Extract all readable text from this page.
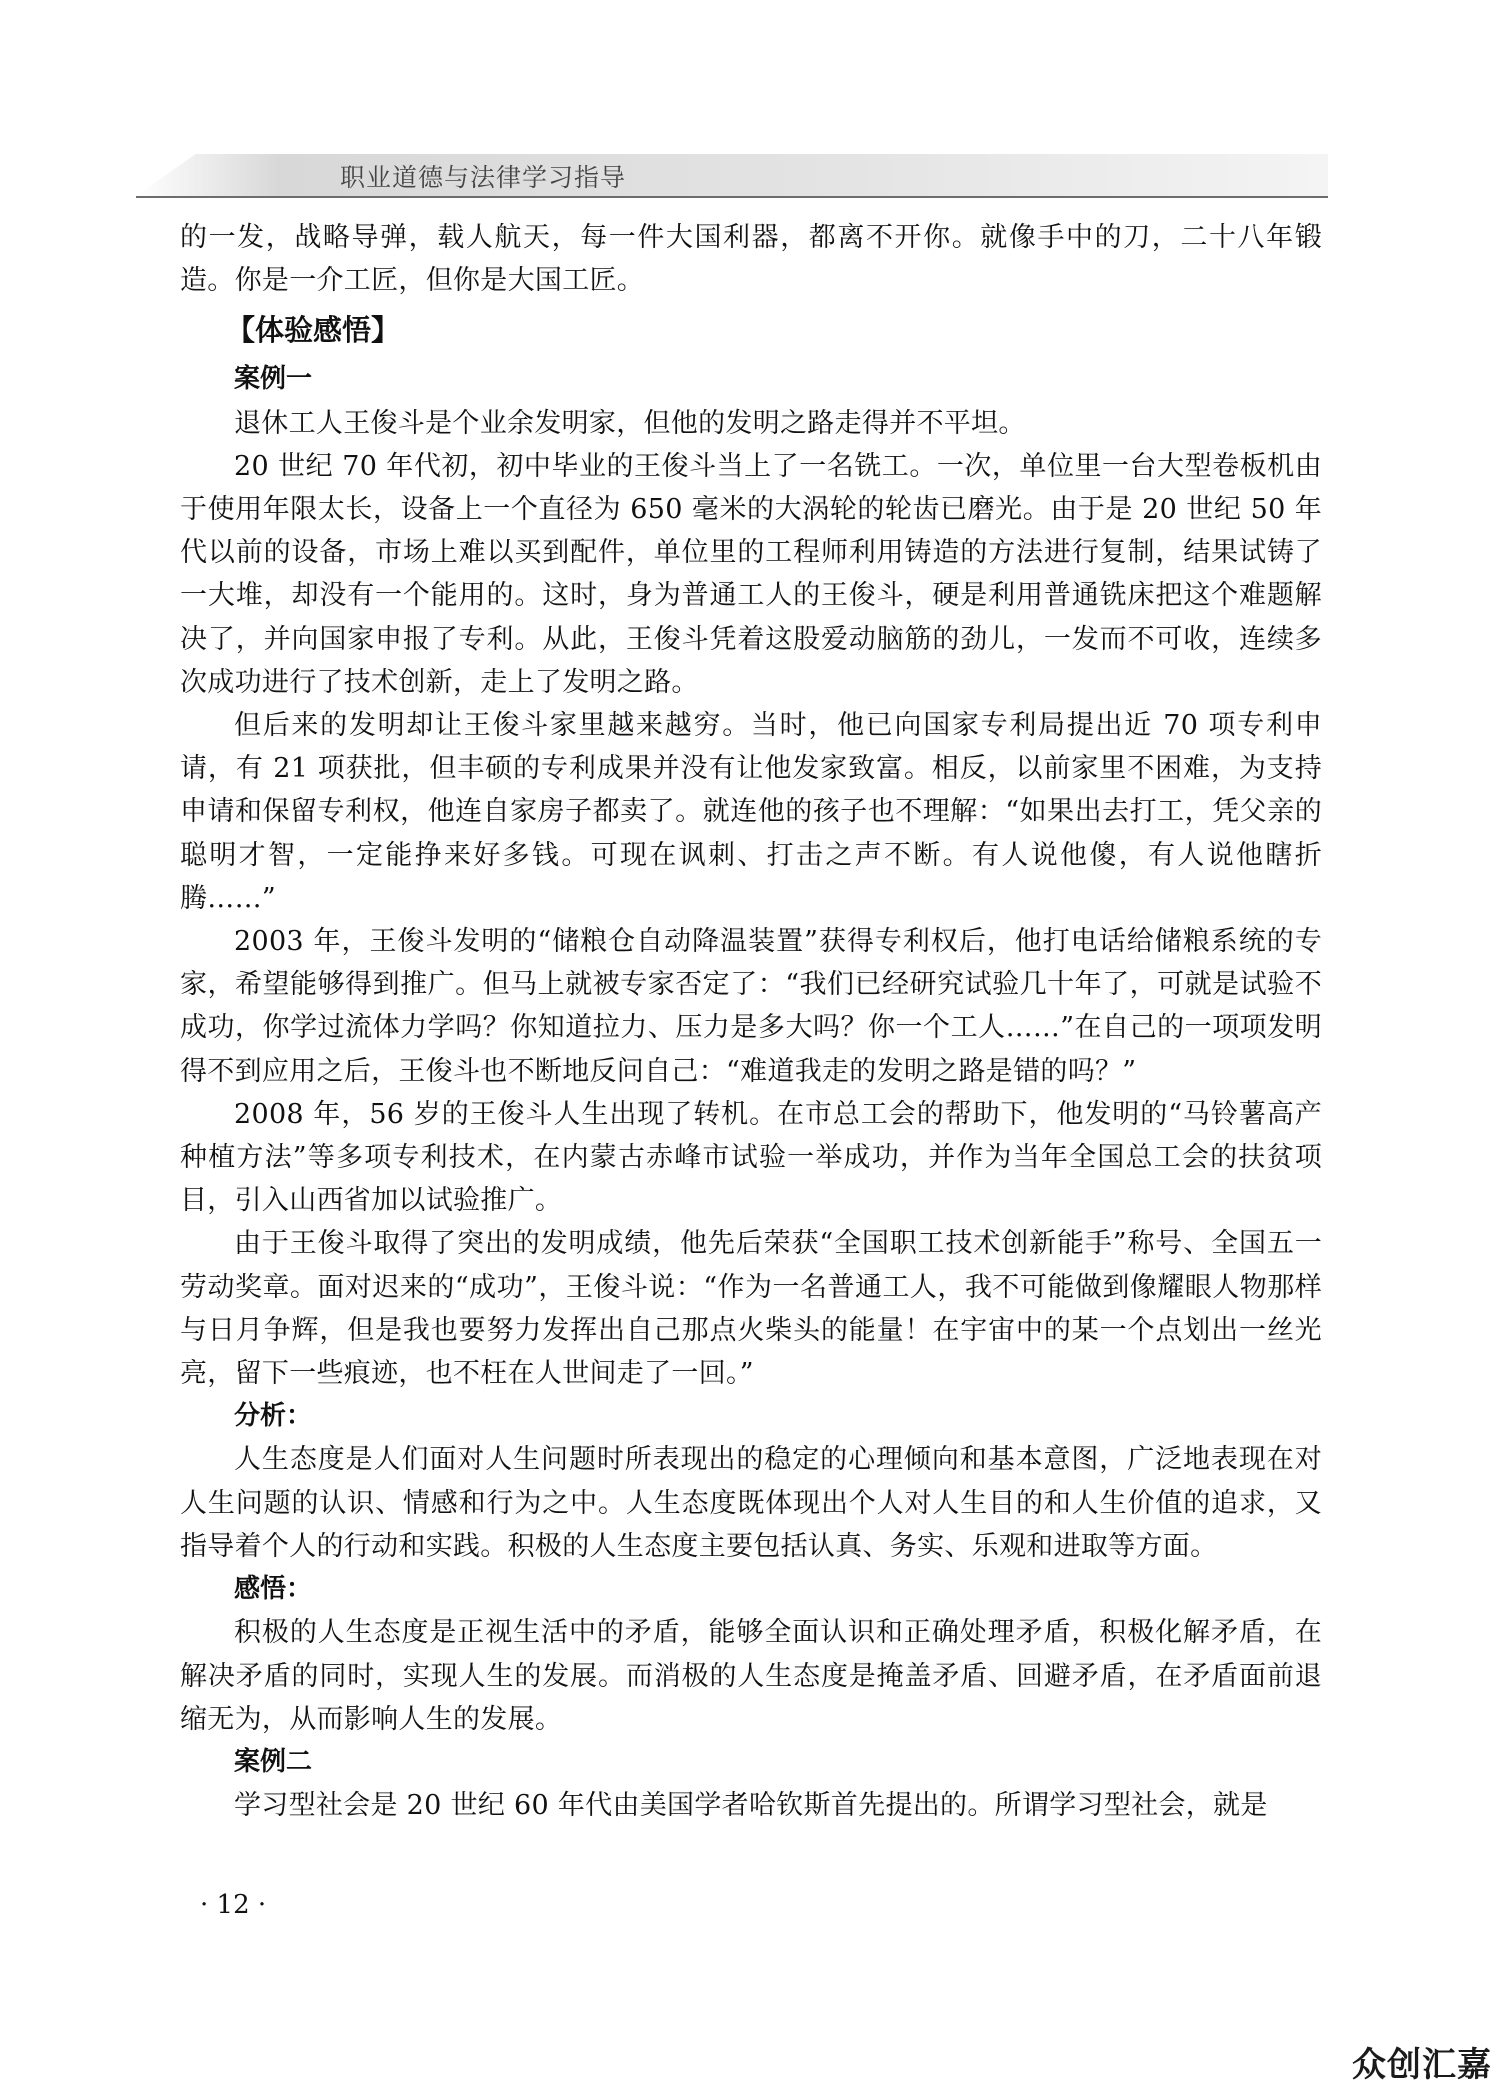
职业道德与法律学习指导

的一发，战略导弹，载人航天，每一件大国利器，都离不开你。就像手中的刀，二十八年锻造。你是一介工匠，但你是大国工匠。

【体验感悟】

案例一

退休工人王俊斗是个业余发明家，但他的发明之路走得并不平坦。

20 世纪 70 年代初，初中毕业的王俊斗当上了一名铣工。一次，单位里一台大型卷板机由于使用年限太长，设备上一个直径为 650 毫米的大涡轮的轮齿已磨光。由于是 20 世纪 50 年代以前的设备，市场上难以买到配件，单位里的工程师利用铸造的方法进行复制，结果试铸了一大堆，却没有一个能用的。这时，身为普通工人的王俊斗，硬是利用普通铣床把这个难题解决了，并向国家申报了专利。从此，王俊斗凭着这股爱动脑筋的劲儿，一发而不可收，连续多次成功进行了技术创新，走上了发明之路。

但后来的发明却让王俊斗家里越来越穷。当时，他已向国家专利局提出近 70 项专利申请，有 21 项获批，但丰硕的专利成果并没有让他发家致富。相反，以前家里不困难，为支持申请和保留专利权，他连自家房子都卖了。就连他的孩子也不理解：“如果出去打工，凭父亲的聪明才智，一定能挣来好多钱。可现在讽刺、打击之声不断。有人说他傻，有人说他瞎折腾……”

2003 年，王俊斗发明的“储粮仓自动降温装置”获得专利权后，他打电话给储粮系统的专家，希望能够得到推广。但马上就被专家否定了：“我们已经研究试验几十年了，可就是试验不成功，你学过流体力学吗？你知道拉力、压力是多大吗？你一个工人……”在自己的一项项发明得不到应用之后，王俊斗也不断地反问自己：“难道我走的发明之路是错的吗？”

2008 年，56 岁的王俊斗人生出现了转机。在市总工会的帮助下，他发明的“马铃薯高产种植方法”等多项专利技术，在内蒙古赤峰市试验一举成功，并作为当年全国总工会的扶贫项目，引入山西省加以试验推广。

由于王俊斗取得了突出的发明成绩，他先后荣获“全国职工技术创新能手”称号、全国五一劳动奖章。面对迟来的“成功”，王俊斗说：“作为一名普通工人，我不可能做到像耀眼人物那样与日月争辉，但是我也要努力发挥出自己那点火柴头的能量！在宇宙中的某一个点划出一丝光亮，留下一些痕迹，也不枉在人世间走了一回。”

分析：

人生态度是人们面对人生问题时所表现出的稳定的心理倾向和基本意图，广泛地表现在对人生问题的认识、情感和行为之中。人生态度既体现出个人对人生目的和人生价值的追求，又指导着个人的行动和实践。积极的人生态度主要包括认真、务实、乐观和进取等方面。

感悟：

积极的人生态度是正视生活中的矛盾，能够全面认识和正确处理矛盾，积极化解矛盾，在解决矛盾的同时，实现人生的发展。而消极的人生态度是掩盖矛盾、回避矛盾，在矛盾面前退缩无为，从而影响人生的发展。

案例二

学习型社会是 20 世纪 60 年代由美国学者哈钦斯首先提出的。所谓学习型社会，就是

· 12 ·
众创汇嘉
